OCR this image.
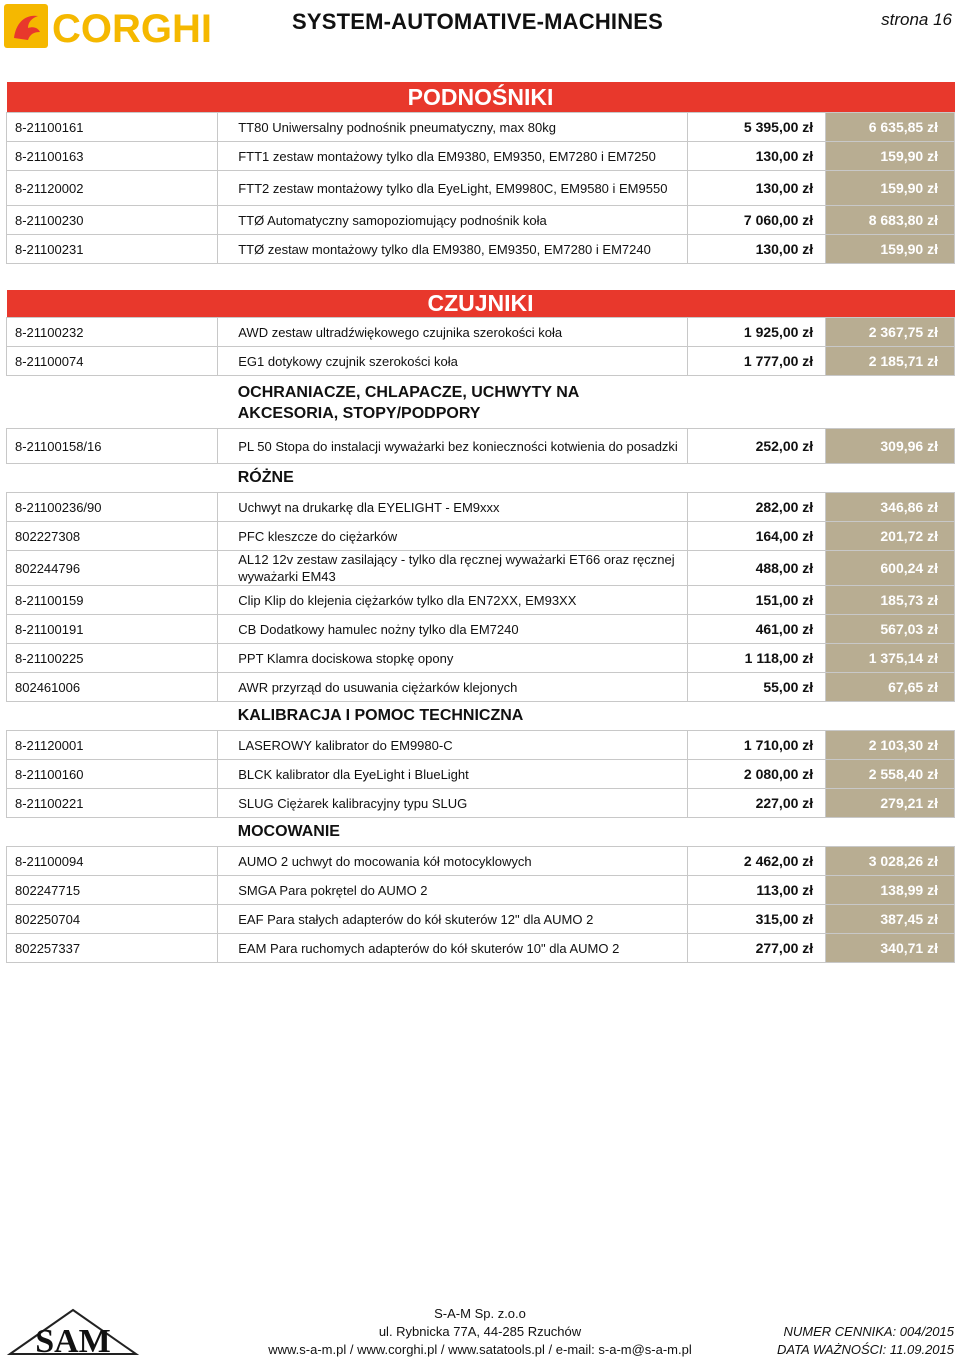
CORGHI	SYSTEM-AUTOMATIVE-MACHINES	strona 16
PODNOŚNIKI			
8-21100161	TT80 Uniwersalny podnośnik pneumatyczny, max 80kg	5 395,00 zł	6 635,85 zł
8-21100163	FTT1 zestaw montażowy tylko dla EM9380, EM9350, EM7280 i EM7250	130,00 zł	159,90 zł
8-21120002	FTT2 zestaw montażowy tylko dla EyeLight, EM9980C, EM9580 i EM9550	130,00 zł	159,90 zł
8-21100230	TTØ Automatyczny samopoziomujący podnośnik koła	7 060,00 zł	8 683,80 zł
8-21100231	TTØ zestaw montażowy tylko dla EM9380, EM9350, EM7280 i EM7240	130,00 zł	159,90 zł

CZUJNIKI			
8-21100232	AWD zestaw ultradźwiękowego czujnika szerokości koła	1 925,00 zł	2 367,75 zł
8-21100074	EG1 dotykowy czujnik szerokości koła	1 777,00 zł	2 185,71 zł
	OCHRANIACZE, CHLAPACZE, UCHWYTY NA AKCESORIA, STOPY/PODPORY		
8-21100158/16	PL 50 Stopa do instalacji wyważarki bez konieczności kotwienia do posadzki	252,00 zł	309,96 zł
	RÓŻNE		
8-21100236/90	Uchwyt na drukarkę dla EYELIGHT - EM9xxx	282,00 zł	346,86 zł
802227308	PFC kleszcze do ciężarków	164,00 zł	201,72 zł
802244796	AL12 12v zestaw zasilający - tylko dla ręcznej wyważarki ET66 oraz ręcznej wyważarki EM43	488,00 zł	600,24 zł
8-21100159	Clip Klip do klejenia ciężarków tylko dla EN72XX, EM93XX	151,00 zł	185,73 zł
8-21100191	CB Dodatkowy hamulec nożny tylko dla EM7240	461,00 zł	567,03 zł
8-21100225	PPT Klamra dociskowa stopkę opony	1 118,00 zł	1 375,14 zł
802461006	AWR przyrząd do usuwania ciężarków klejonych	55,00 zł	67,65 zł
	KALIBRACJA I POMOC TECHNICZNA		
8-21120001	LASEROWY kalibrator do EM9980-C	1 710,00 zł	2 103,30 zł
8-21100160	BLCK kalibrator dla EyeLight i BlueLight	2 080,00 zł	2 558,40 zł
8-21100221	SLUG Ciężarek kalibracyjny typu SLUG	227,00 zł	279,21 zł
	MOCOWANIE		
8-21100094	AUMO 2 uchwyt do mocowania kół motocyklowych	2 462,00 zł	3 028,26 zł
802247715	SMGA Para pokrętel do AUMO 2	113,00 zł	138,99 zł
802250704	EAF Para stałych adapterów do kół skuterów 12" dla AUMO 2	315,00 zł	387,45 zł
802257337	EAM Para ruchomych adapterów do kół skuterów 10" dla AUMO 2	277,00 zł	340,71 zł
SAM
S-A-M Sp. z.o.o
ul. Rybnicka 77A, 44-285 Rzuchów
www.s-a-m.pl / www.corghi.pl / www.satatools.pl / e-mail: s-a-m@s-a-m.pl
NUMER CENNIKA: 004/2015
DATA WAŻNOŚCI: 11.09.2015
